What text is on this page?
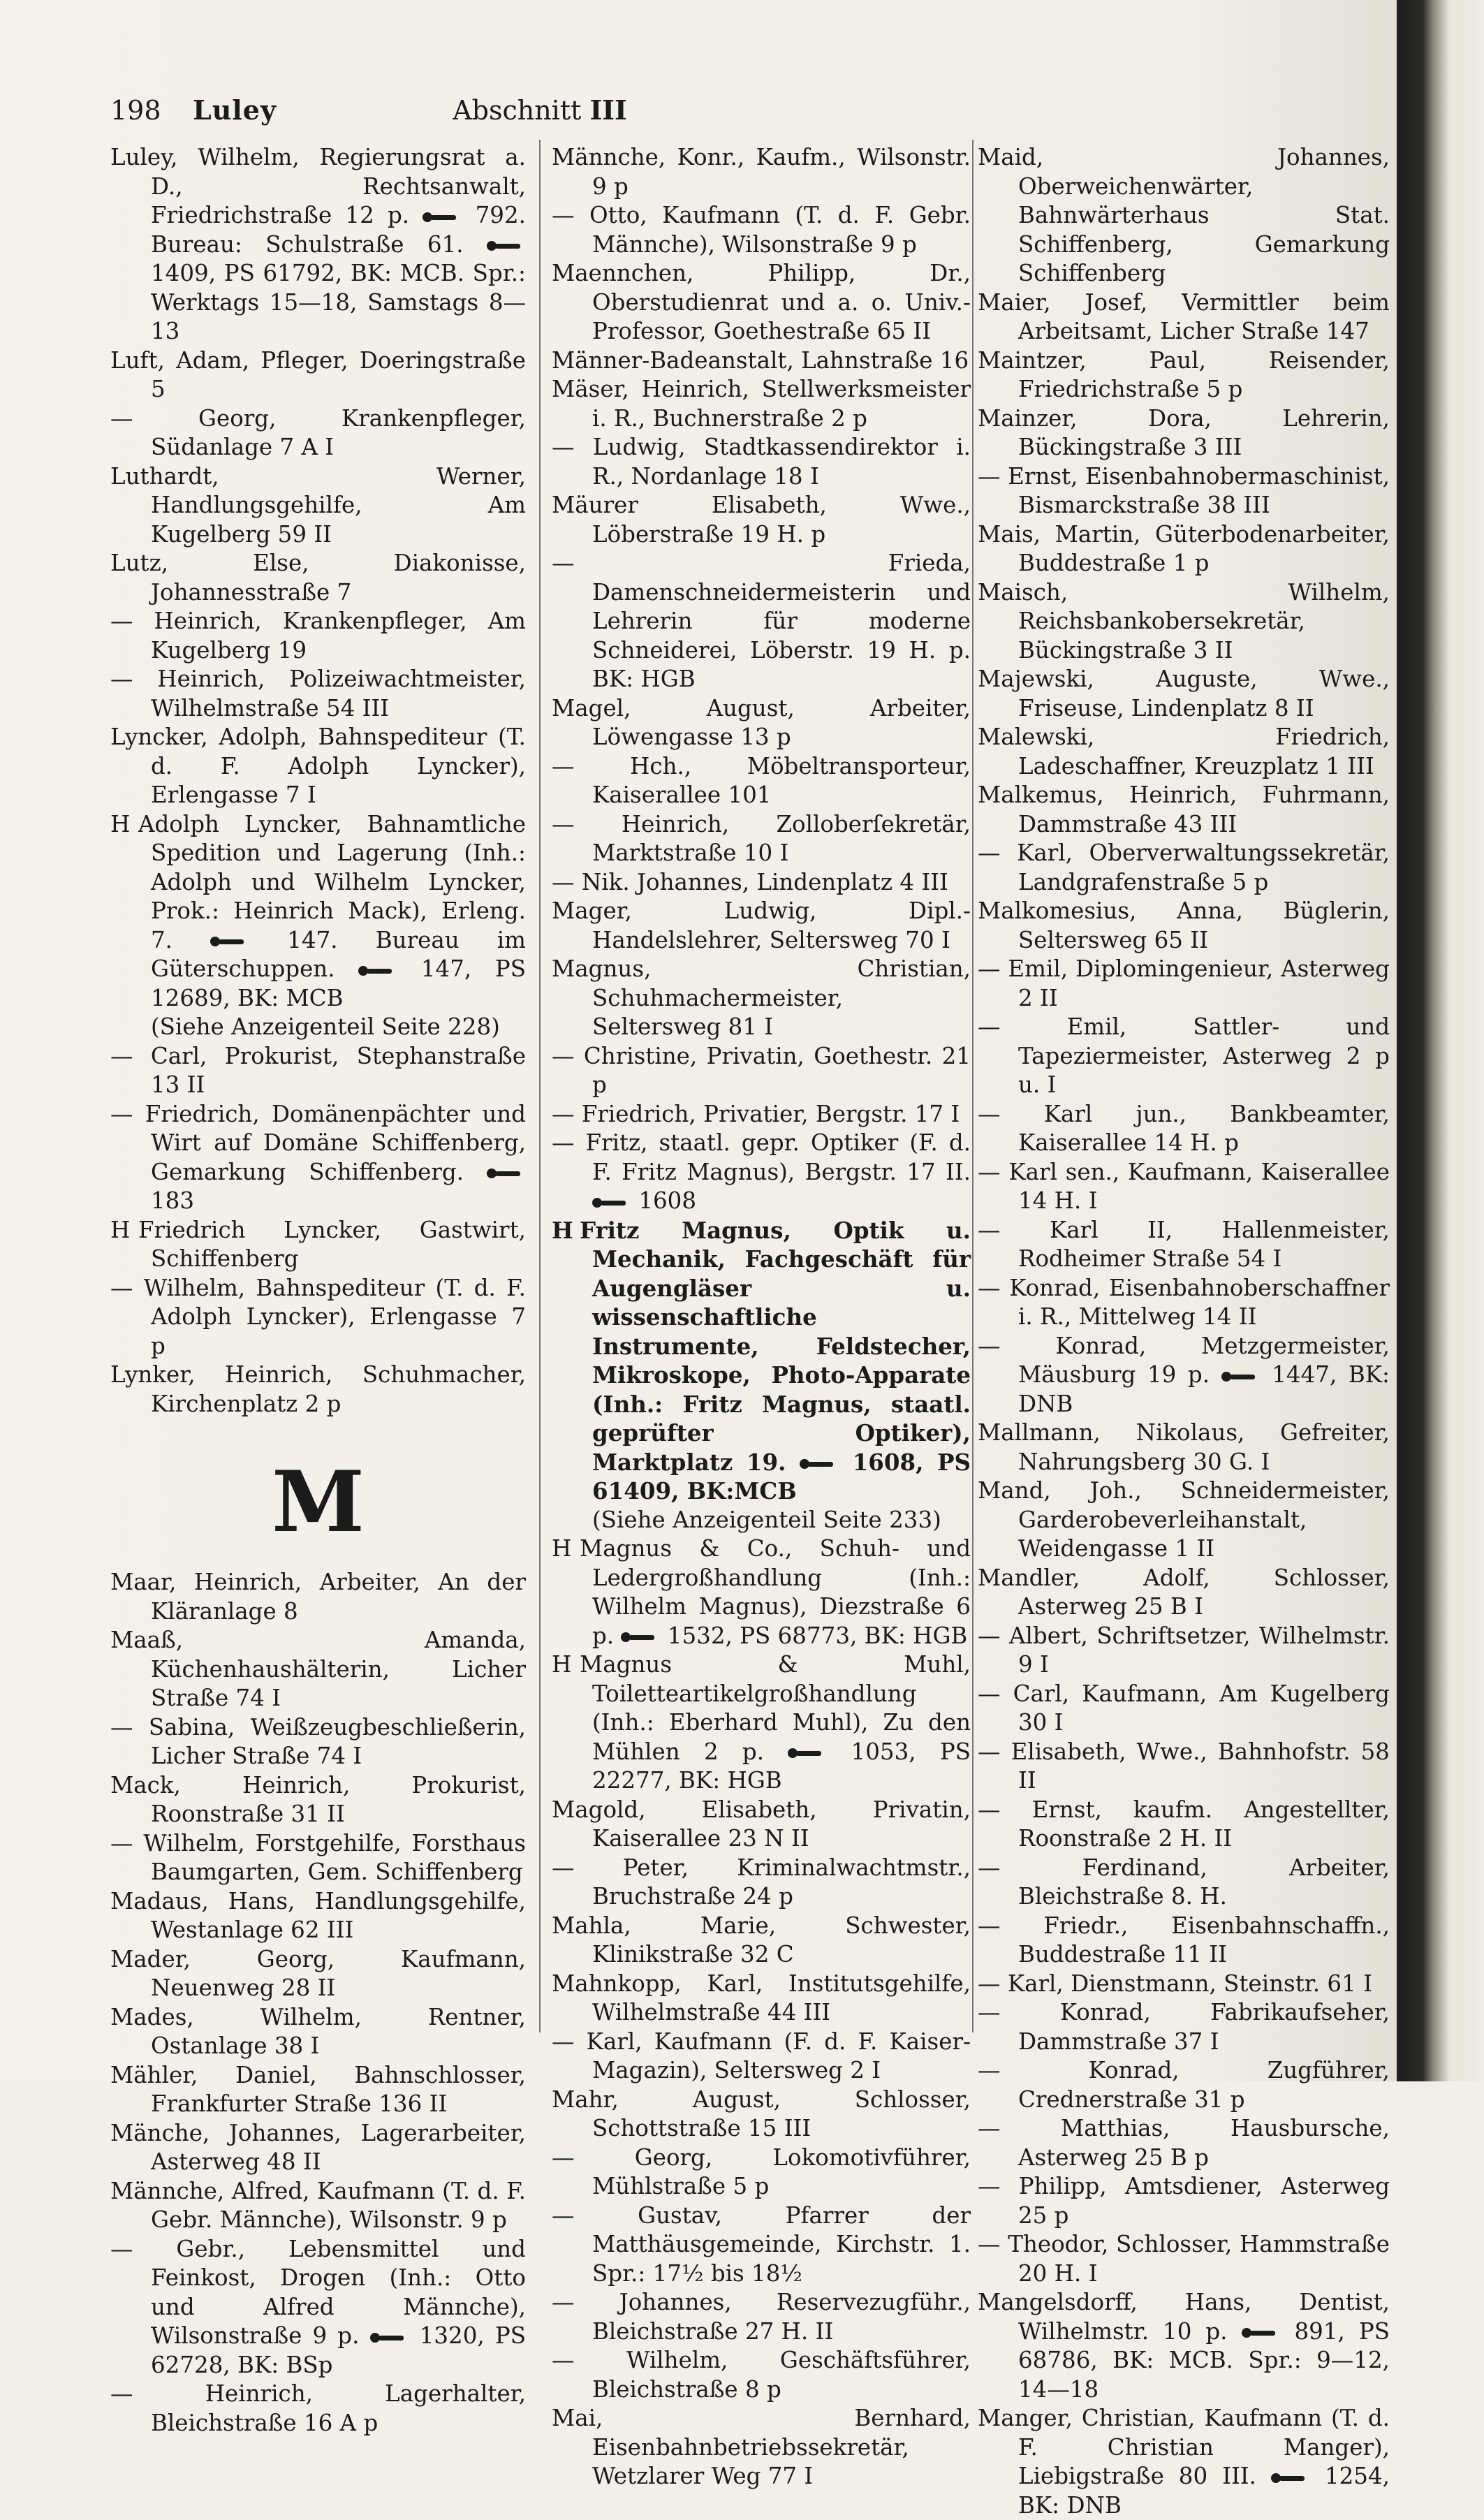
198 Luley	Abschnitt III

Luley, Wilhelm, Regierungsrat a. D., Rechtsanwalt, Friedrichstraße 12 p.  792. Bureau: Schulstraße 61.  1409, PS 61792, BK: MCB. Spr.: Werktags 15—18, Samstags 8—13

Luft, Adam, Pfleger, Doeringstraße 5

— Georg, Krankenpfleger, Südanlage 7 A I

Luthardt, Werner, Handlungsgehilfe, Am Kugelberg 59 II

Lutz, Else, Diakonisse, Johannesstraße 7

— Heinrich, Krankenpfleger, Am Kugelberg 19

— Heinrich, Polizeiwachtmeister, Wilhelmstraße 54 III

Lyncker, Adolph, Bahnspediteur (T. d. F. Adolph Lyncker), Erlengasse 7 I

H Adolph Lyncker, Bahnamtliche Spedition und Lagerung (Inh.: Adolph und Wilhelm Lyncker, Prok.: Heinrich Mack), Erleng. 7.  147. Bureau im Güterschuppen.  147, PS 12689, BK: MCB

(Siehe Anzeigenteil Seite 228)

— Carl, Prokurist, Stephanstraße 13 II

— Friedrich, Domänenpächter und Wirt auf Domäne Schiffenberg, Gemarkung Schiffenberg.  183

H Friedrich Lyncker, Gastwirt, Schiffenberg

— Wilhelm, Bahnspediteur (T. d. F. Adolph Lyncker), Erlengasse 7 p

Lynker, Heinrich, Schuhmacher, Kirchenplatz 2 p

M

Maar, Heinrich, Arbeiter, An der Kläranlage 8

Maaß, Amanda, Küchenhaushälterin, Licher Straße 74 I

— Sabina, Weißzeugbeschließerin, Licher Straße 74 I

Mack, Heinrich, Prokurist, Roonstraße 31 II

— Wilhelm, Forstgehilfe, Forsthaus Baumgarten, Gem. Schiffenberg

Madaus, Hans, Handlungsgehilfe, Westanlage 62 III

Mader, Georg, Kaufmann, Neuenweg 28 II

Mades, Wilhelm, Rentner, Ostanlage 38 I

Mähler, Daniel, Bahnschlosser, Frankfurter Straße 136 II

Mänche, Johannes, Lagerarbeiter, Asterweg 48 II

Männche, Alfred, Kaufmann (T. d. F. Gebr. Männche), Wilsonstr. 9 p

— Gebr., Lebensmittel und Feinkost, Drogen (Inh.: Otto und Alfred Männche), Wilsonstraße 9 p.  1320, PS 62728, BK: BSp

— Heinrich, Lagerhalter, Bleichstraße 16 A p

Männche, Konr., Kaufm., Wilsonstr. 9 p

— Otto, Kaufmann (T. d. F. Gebr. Männche), Wilsonstraße 9 p

Maennchen, Philipp, Dr., Oberstudienrat und a. o. Univ.-Professor, Goethestraße 65 II

Männer-Badeanstalt, Lahnstraße 16

Mäser, Heinrich, Stellwerksmeister i. R., Buchnerstraße 2 p

— Ludwig, Stadtkassendirektor i. R., Nordanlage 18 I

Mäurer Elisabeth, Wwe., Löberstraße 19 H. p

— Frieda, Damenschneidermeisterin und Lehrerin für moderne Schneiderei, Löberstr. 19 H. p. BK: HGB

Magel, August, Arbeiter, Löwengasse 13 p

— Hch., Möbeltransporteur, Kaiserallee 101

— Heinrich, Zolloberſekretär, Marktstraße 10 I

— Nik. Johannes, Lindenplatz 4 III

Mager, Ludwig, Dipl.-Handelslehrer, Seltersweg 70 I

Magnus, Christian, Schuhmachermeister, Seltersweg 81 I

— Christine, Privatin, Goethestr. 21 p

— Friedrich, Privatier, Bergstr. 17 I

— Fritz, staatl. gepr. Optiker (F. d. F. Fritz Magnus), Bergstr. 17 II.  1608

H Fritz Magnus, Optik u. Mechanik, Fachgeschäft für Augengläser u. wissenschaftliche Instrumente, Feldstecher, Mikroskope, Photo-Apparate (Inh.: Fritz Magnus, staatl. geprüfter Optiker), Marktplatz 19.  1608, PS 61409, BK:MCB

(Siehe Anzeigenteil Seite 233)

H Magnus & Co., Schuh- und Ledergroßhandlung (Inh.: Wilhelm Magnus), Diezstraße 6 p.  1532, PS 68773, BK: HGB

H Magnus & Muhl, Toiletteartikelgroßhandlung (Inh.: Eberhard Muhl), Zu den Mühlen 2 p.  1053, PS 22277, BK: HGB

Magold, Elisabeth, Privatin, Kaiserallee 23 N II

— Peter, Kriminalwachtmstr., Bruchstraße 24 p

Mahla, Marie, Schwester, Klinikstraße 32 C

Mahnkopp, Karl, Institutsgehilfe, Wilhelmstraße 44 III

— Karl, Kaufmann (F. d. F. Kaiser-Magazin), Seltersweg 2 I

Mahr, August, Schlosser, Schottstraße 15 III

— Georg, Lokomotivführer, Mühlstraße 5 p

— Gustav, Pfarrer der Matthäusgemeinde, Kirchstr. 1. Spr.: 17½ bis 18½

— Johannes, Reservezugführ., Bleichstraße 27 H. II

— Wilhelm, Geschäftsführer, Bleichstraße 8 p

Mai, Bernhard, Eisenbahnbetriebssekretär, Wetzlarer Weg 77 I

Maid, Johannes, Oberweichenwärter, Bahnwärterhaus Stat. Schiffenberg, Gemarkung Schiffenberg

Maier, Josef, Vermittler beim Arbeitsamt, Licher Straße 147

Maintzer, Paul, Reisender, Friedrichstraße 5 p

Mainzer, Dora, Lehrerin, Bückingstraße 3 III

— Ernst, Eisenbahnobermaschinist, Bismarckstraße 38 III

Mais, Martin, Güterbodenarbeiter, Buddestraße 1 p

Maisch, Wilhelm, Reichsbankobersekretär, Bückingstraße 3 II

Majewski, Auguste, Wwe., Friseuse, Lindenplatz 8 II

Malewski, Friedrich, Ladeschaffner, Kreuzplatz 1 III

Malkemus, Heinrich, Fuhrmann, Dammstraße 43 III

— Karl, Oberverwaltungssekretär, Landgrafenstraße 5 p

Malkomesius, Anna, Büglerin, Seltersweg 65 II

— Emil, Diplomingenieur, Asterweg 2 II

— Emil, Sattler- und Tapeziermeister, Asterweg 2 p u. I

— Karl jun., Bankbeamter, Kaiserallee 14 H. p

— Karl sen., Kaufmann, Kaiserallee 14 H. I

— Karl II, Hallenmeister, Rodheimer Straße 54 I

— Konrad, Eisenbahnoberschaffner i. R., Mittelweg 14 II

— Konrad, Metzgermeister, Mäusburg 19 p.  1447, BK: DNB

Mallmann, Nikolaus, Gefreiter, Nahrungsberg 30 G. I

Mand, Joh., Schneidermeister, Garderobeverleihanstalt, Weidengasse 1 II

Mandler, Adolf, Schlosser, Asterweg 25 B I

— Albert, Schriftsetzer, Wilhelmstr. 9 I

— Carl, Kaufmann, Am Kugelberg 30 I

— Elisabeth, Wwe., Bahnhofstr. 58 II

— Ernst, kaufm. Angestellter, Roonstraße 2 H. II

— Ferdinand, Arbeiter, Bleichstraße 8. H.

— Friedr., Eisenbahnschaffn., Buddestraße 11 II

— Karl, Dienstmann, Steinstr. 61 I

— Konrad, Fabrikaufseher, Dammstraße 37 I

— Konrad, Zugführer, Crednerstraße 31 p

— Matthias, Hausbursche, Asterweg 25 B p

— Philipp, Amtsdiener, Asterweg 25 p

— Theodor, Schlosser, Hammstraße 20 H. I

Mangelsdorff, Hans, Dentist, Wilhelmstr. 10 p.  891, PS 68786, BK: MCB. Spr.: 9—12, 14—18

Manger, Christian, Kaufmann (T. d. F. Christian Manger), Liebigstraße 80 III.  1254, BK: DNB
